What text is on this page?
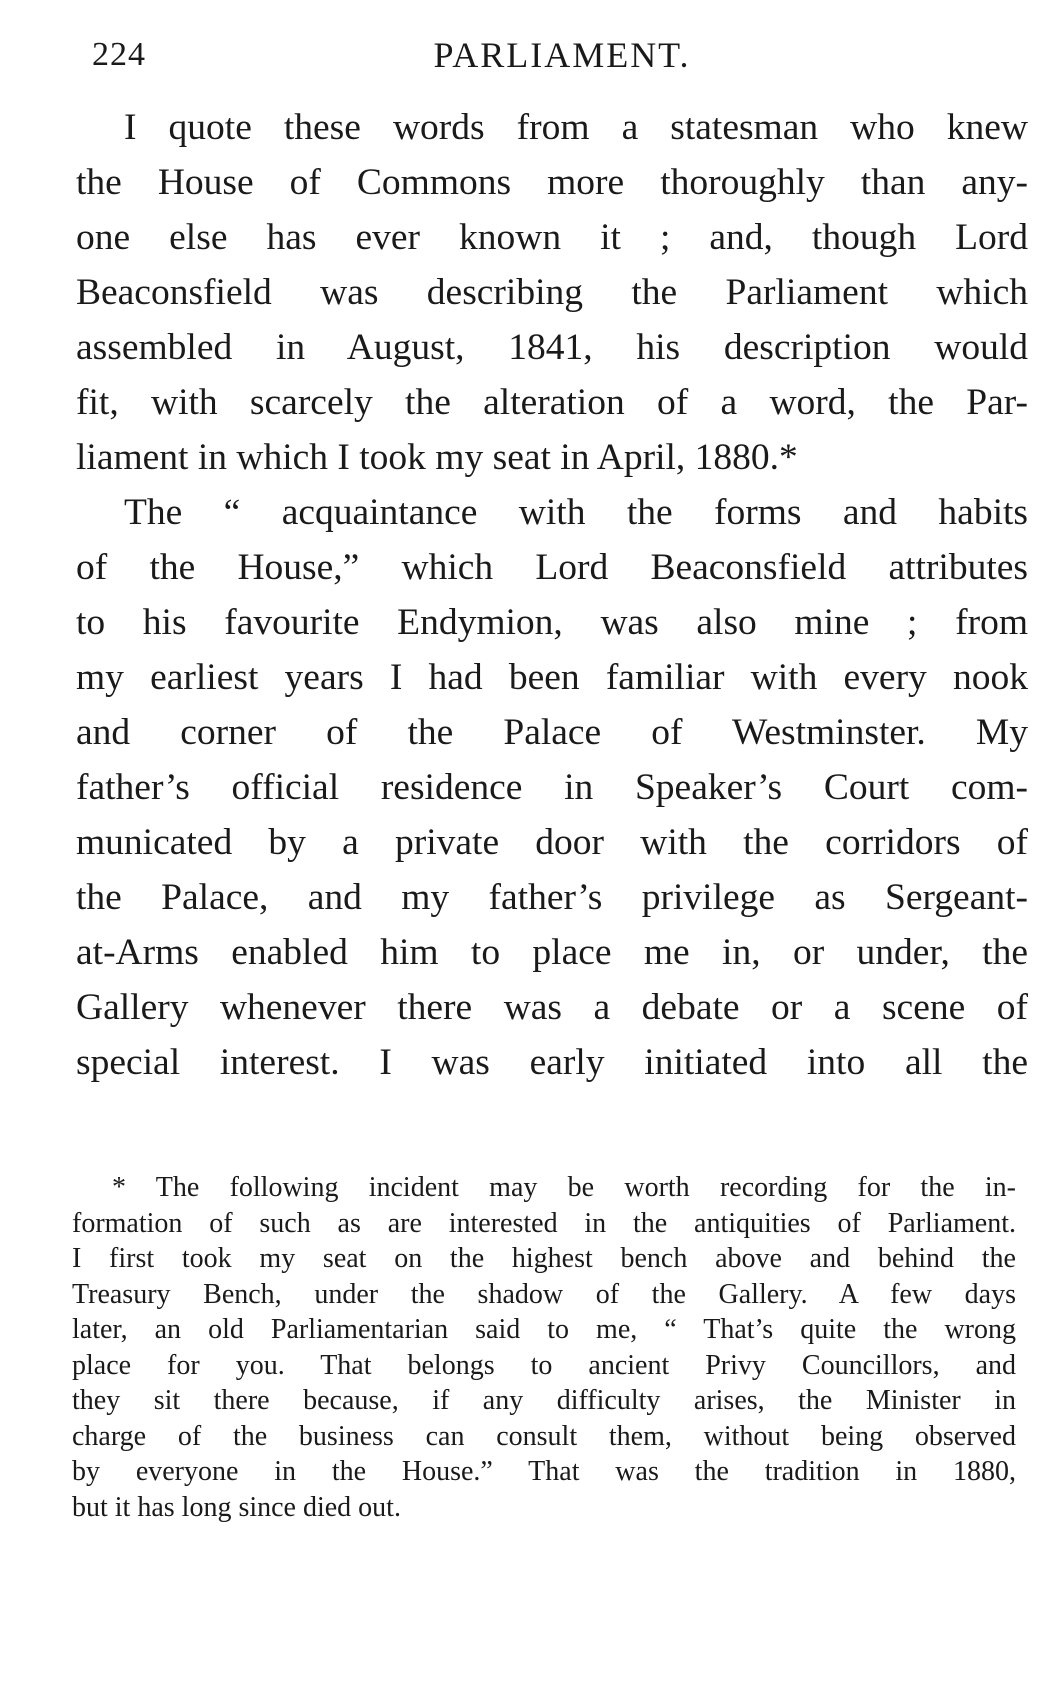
224	PARLIAMENT.
I quote these words from a statesman who knew
the House of Commons more thoroughly than any-
one else has ever known it ; and, though Lord
Beaconsfield was describing the Parliament which
assembled in August, 1841, his description would
fit, with scarcely the alteration of a word, the Par-
liament in which I took my seat in April, 1880.*
The “ acquaintance with the forms and habits
of the House,” which Lord Beaconsfield attributes
to his favourite Endymion, was also mine ; from
my earliest years I had been familiar with every nook
and corner of the Palace of Westminster. My
father’s official residence in Speaker’s Court com-
municated by a private door with the corridors of
the Palace, and my father’s privilege as Sergeant-
at-Arms enabled him to place me in, or under, the
Gallery whenever there was a debate or a scene of
special interest. I was early initiated into all the
* The following incident may be worth recording for the in-
formation of such as are interested in the antiquities of Parliament.
I first took my seat on the highest bench above and behind the
Treasury Bench, under the shadow of the Gallery. A few days
later, an old Parliamentarian said to me, “ That’s quite the wrong
place for you. That belongs to ancient Privy Councillors, and
they sit there because, if any difficulty arises, the Minister in
charge of the business can consult them, without being observed
by everyone in the House.” That was the tradition in 1880,
but it has long since died out.
